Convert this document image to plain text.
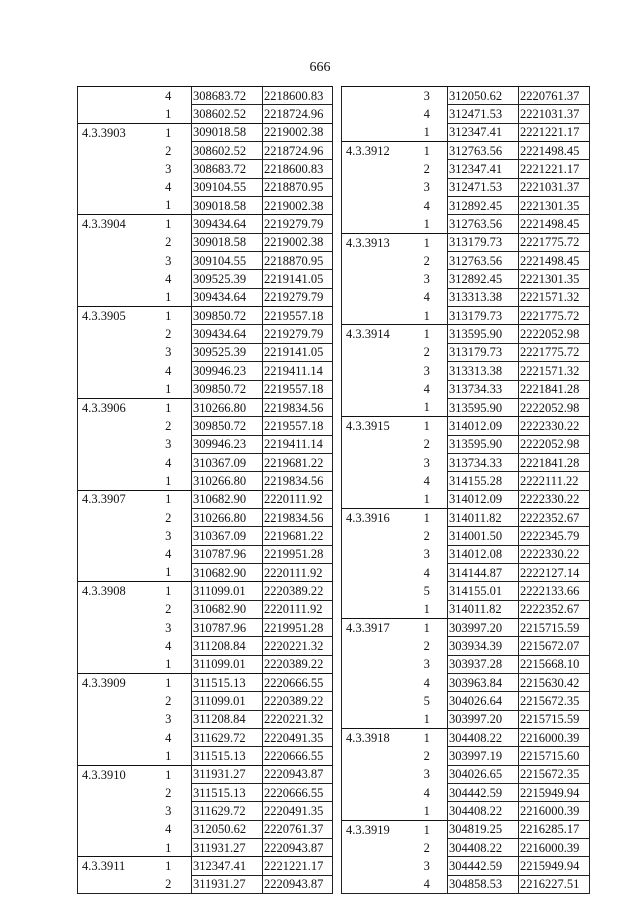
666
	4	308683.72	2218600.83
	1	308602.52	2218724.96
4.3.3903	1	309018.58	2219002.38
	2	308602.52	2218724.96
	3	308683.72	2218600.83
	4	309104.55	2218870.95
	1	309018.58	2219002.38
4.3.3904	1	309434.64	2219279.79
	2	309018.58	2219002.38
	3	309104.55	2218870.95
	4	309525.39	2219141.05
	1	309434.64	2219279.79
4.3.3905	1	309850.72	2219557.18
	2	309434.64	2219279.79
	3	309525.39	2219141.05
	4	309946.23	2219411.14
	1	309850.72	2219557.18
4.3.3906	1	310266.80	2219834.56
	2	309850.72	2219557.18
	3	309946.23	2219411.14
	4	310367.09	2219681.22
	1	310266.80	2219834.56
4.3.3907	1	310682.90	2220111.92
	2	310266.80	2219834.56
	3	310367.09	2219681.22
	4	310787.96	2219951.28
	1	310682.90	2220111.92
4.3.3908	1	311099.01	2220389.22
	2	310682.90	2220111.92
	3	310787.96	2219951.28
	4	311208.84	2220221.32
	1	311099.01	2220389.22
4.3.3909	1	311515.13	2220666.55
	2	311099.01	2220389.22
	3	311208.84	2220221.32
	4	311629.72	2220491.35
	1	311515.13	2220666.55
4.3.3910	1	311931.27	2220943.87
	2	311515.13	2220666.55
	3	311629.72	2220491.35
	4	312050.62	2220761.37
	1	311931.27	2220943.87
4.3.3911	1	312347.41	2221221.17
	2	311931.27	2220943.87
	3	312050.62	2220761.37
	4	312471.53	2221031.37
	1	312347.41	2221221.17
4.3.3912	1	312763.56	2221498.45
	2	312347.41	2221221.17
	3	312471.53	2221031.37
	4	312892.45	2221301.35
	1	312763.56	2221498.45
4.3.3913	1	313179.73	2221775.72
	2	312763.56	2221498.45
	3	312892.45	2221301.35
	4	313313.38	2221571.32
	1	313179.73	2221775.72
4.3.3914	1	313595.90	2222052.98
	2	313179.73	2221775.72
	3	313313.38	2221571.32
	4	313734.33	2221841.28
	1	313595.90	2222052.98
4.3.3915	1	314012.09	2222330.22
	2	313595.90	2222052.98
	3	313734.33	2221841.28
	4	314155.28	2222111.22
	1	314012.09	2222330.22
4.3.3916	1	314011.82	2222352.67
	2	314001.50	2222345.79
	3	314012.08	2222330.22
	4	314144.87	2222127.14
	5	314155.01	2222133.66
	1	314011.82	2222352.67
4.3.3917	1	303997.20	2215715.59
	2	303934.39	2215672.07
	3	303937.28	2215668.10
	4	303963.84	2215630.42
	5	304026.64	2215672.35
	1	303997.20	2215715.59
4.3.3918	1	304408.22	2216000.39
	2	303997.19	2215715.60
	3	304026.65	2215672.35
	4	304442.59	2215949.94
	1	304408.22	2216000.39
4.3.3919	1	304819.25	2216285.17
	2	304408.22	2216000.39
	3	304442.59	2215949.94
	4	304858.53	2216227.51
